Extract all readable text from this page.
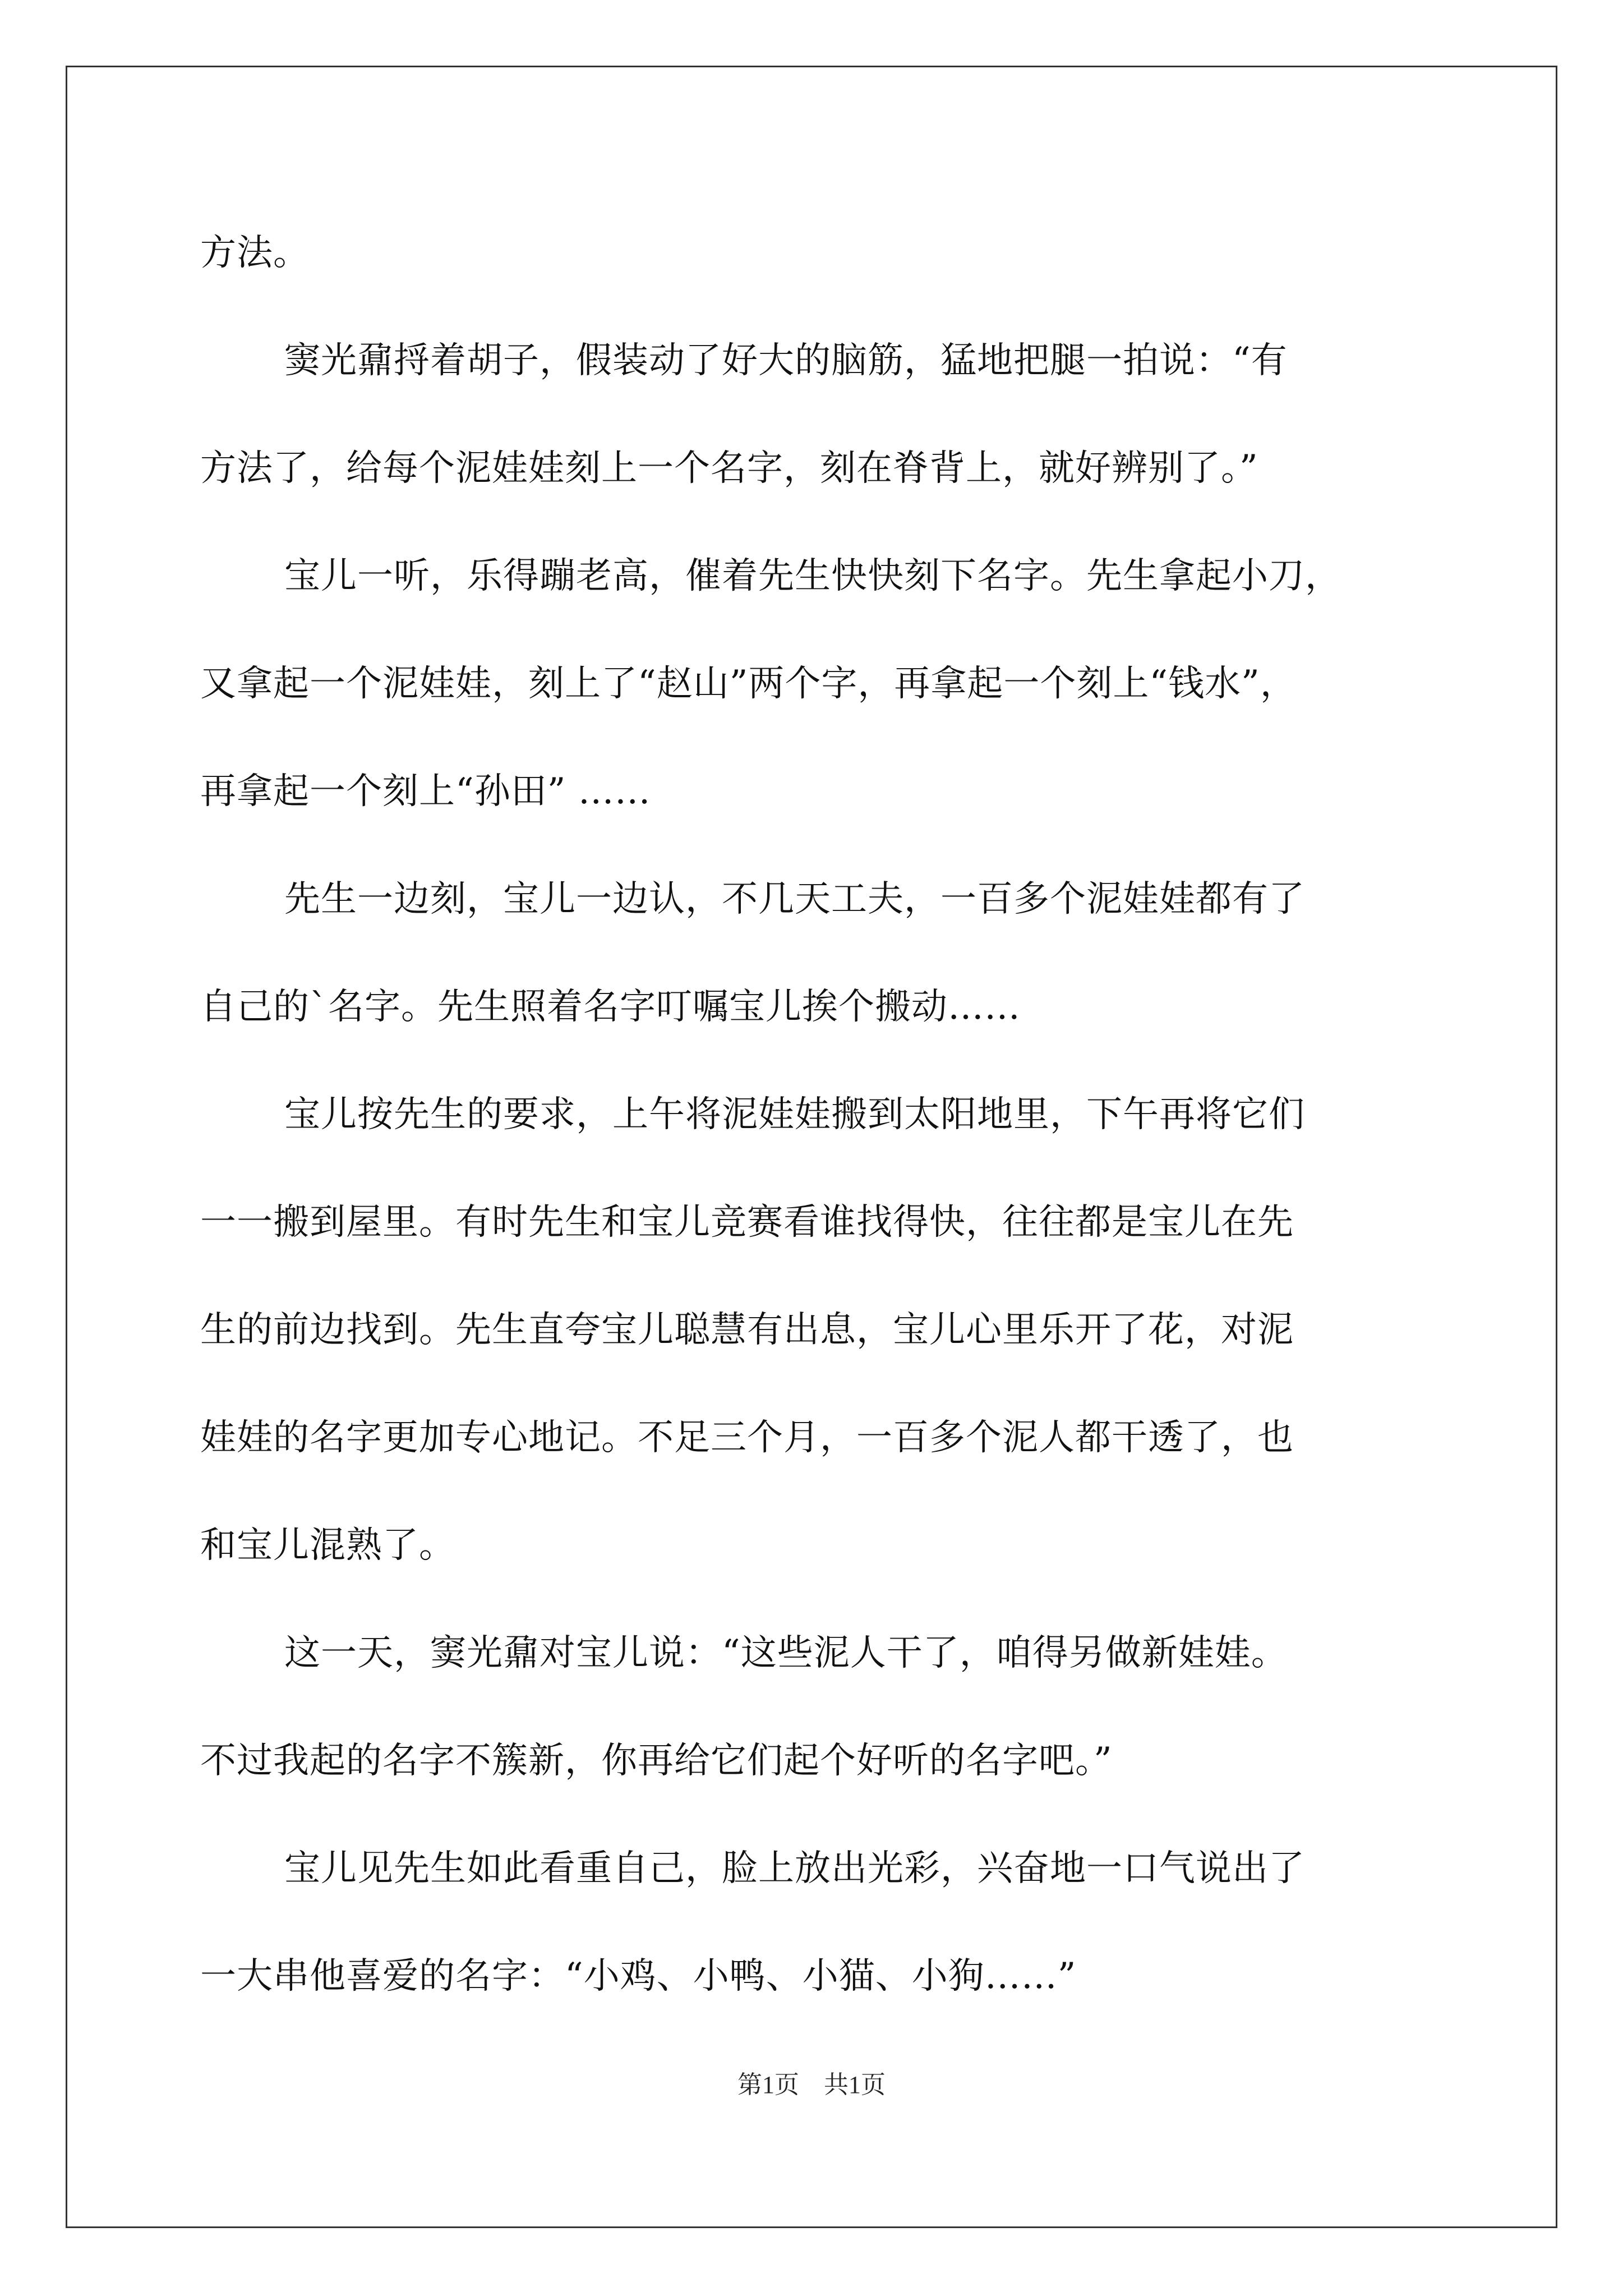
方法。
窦光鼐捋着胡子，假装动了好大的脑筋，猛地把腿一拍说：“有
方法了，给每个泥娃娃刻上一个名字，刻在脊背上，就好辨别了。”
宝儿一听，乐得蹦老高，催着先生快快刻下名字。先生拿起小刀，
又拿起一个泥娃娃，刻上了“赵山”两个字，再拿起一个刻上“钱水”，
再拿起一个刻上“孙田” ……
先生一边刻，宝儿一边认，不几天工夫，一百多个泥娃娃都有了
自己的`名字。先生照着名字叮嘱宝儿挨个搬动……
宝儿按先生的要求，上午将泥娃娃搬到太阳地里，下午再将它们
一一搬到屋里。有时先生和宝儿竞赛看谁找得快，往往都是宝儿在先
生的前边找到。先生直夸宝儿聪慧有出息，宝儿心里乐开了花，对泥
娃娃的名字更加专心地记。不足三个月，一百多个泥人都干透了，也
和宝儿混熟了。
这一天，窦光鼐对宝儿说：“这些泥人干了，咱得另做新娃娃。
不过我起的名字不簇新，你再给它们起个好听的名字吧。”
宝儿见先生如此看重自己，脸上放出光彩，兴奋地一口气说出了
一大串他喜爱的名字：“小鸡、小鸭、小猫、小狗……”
第1页　共1页
